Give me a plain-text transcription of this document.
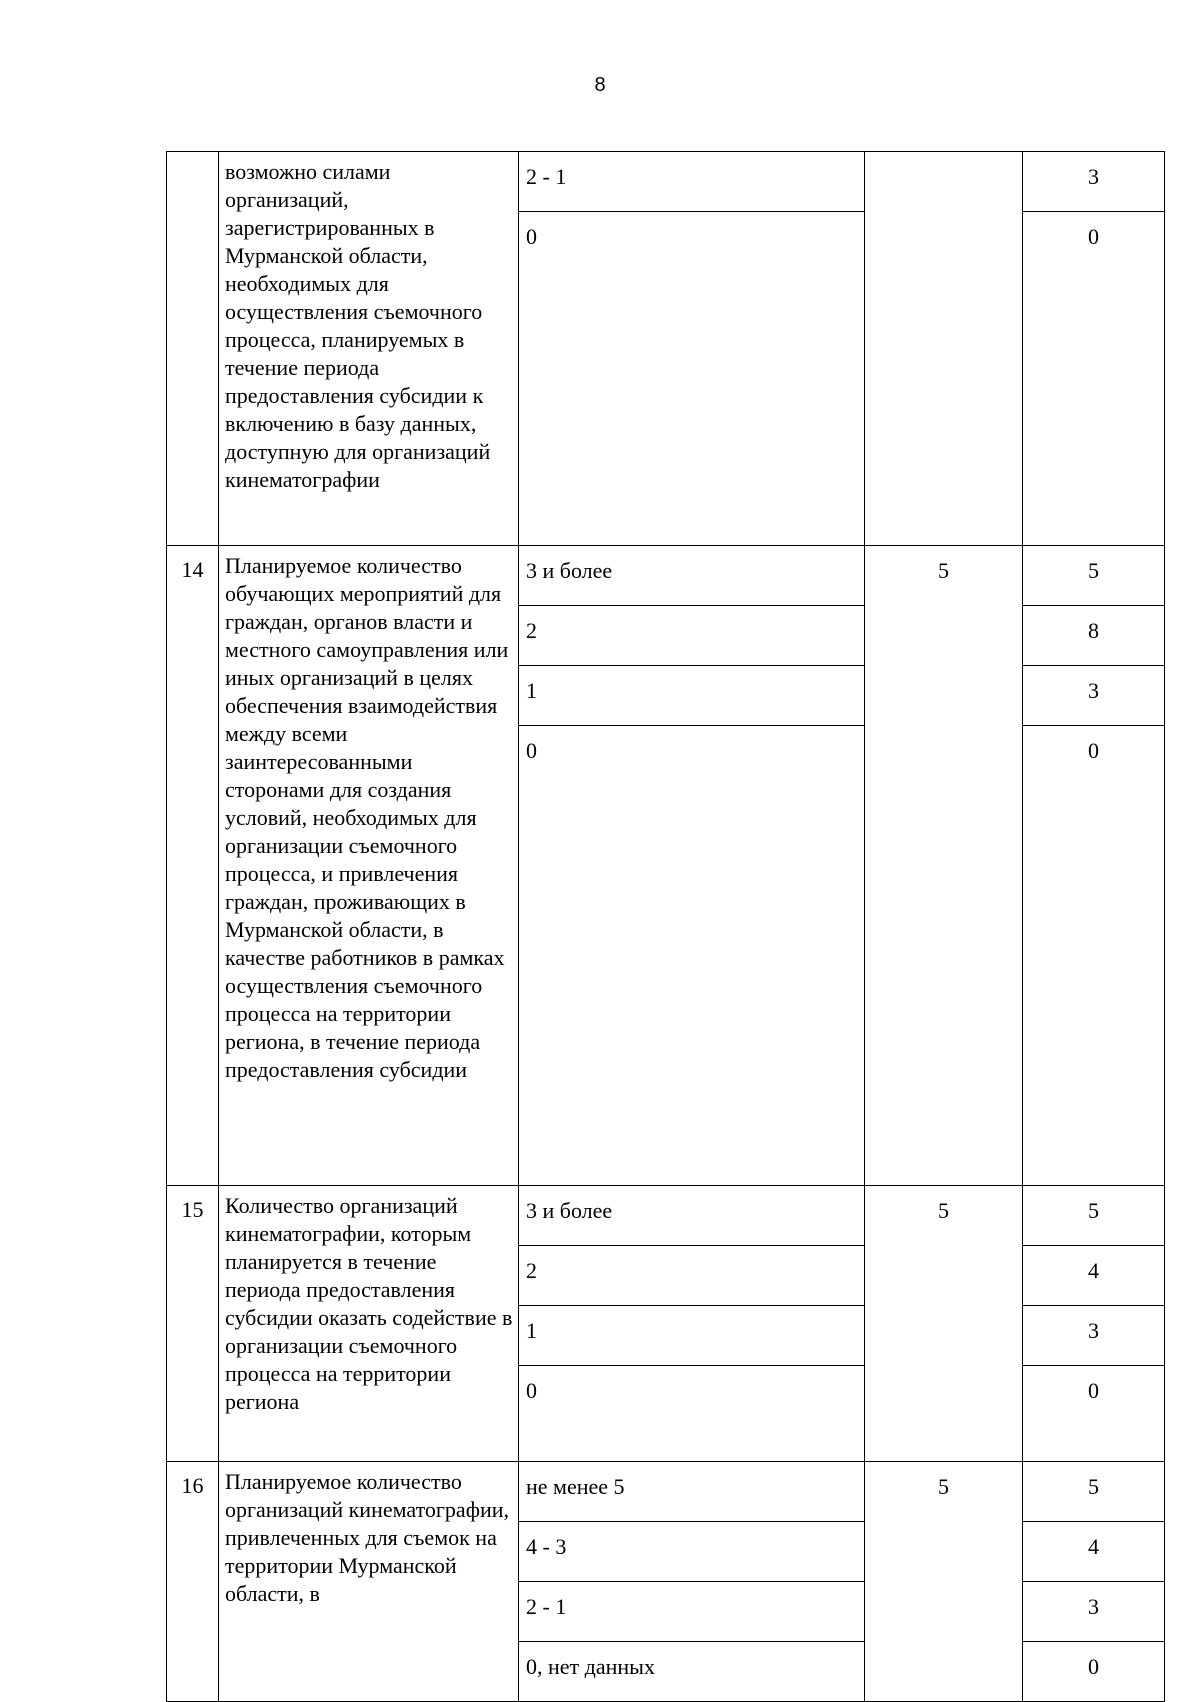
8
	возможно силами организаций, зарегистрированных в Мурманской области, необходимых для осуществления съемочного процесса, планируемых в течение периода предоставления субсидии к включению в базу данных, доступную для организаций кинематографии	2 - 1		3
		0		0
14	Планируемое количество обучающих мероприятий для граждан, органов власти и местного самоуправления или иных организаций в целях обеспечения взаимодействия между всеми заинтересованными сторонами для создания условий, необходимых для организации съемочного процесса, и привлечения граждан, проживающих в Мурманской области, в качестве работников в рамках осуществления съемочного процесса на территории региона, в течение периода предоставления субсидии	3 и более	5	5
		2		8
		1		3
		0		0
15	Количество организаций кинематографии, которым планируется в течение периода предоставления субсидии оказать содействие в организации съемочного процесса на территории региона	3 и более	5	5
		2		4
		1		3
		0		0
16	Планируемое количество организаций кинематографии, привлеченных для съемок на территории Мурманской области, в	не менее 5	5	5
		4 - 3		4
		2 - 1		3
		0, нет данных		0
